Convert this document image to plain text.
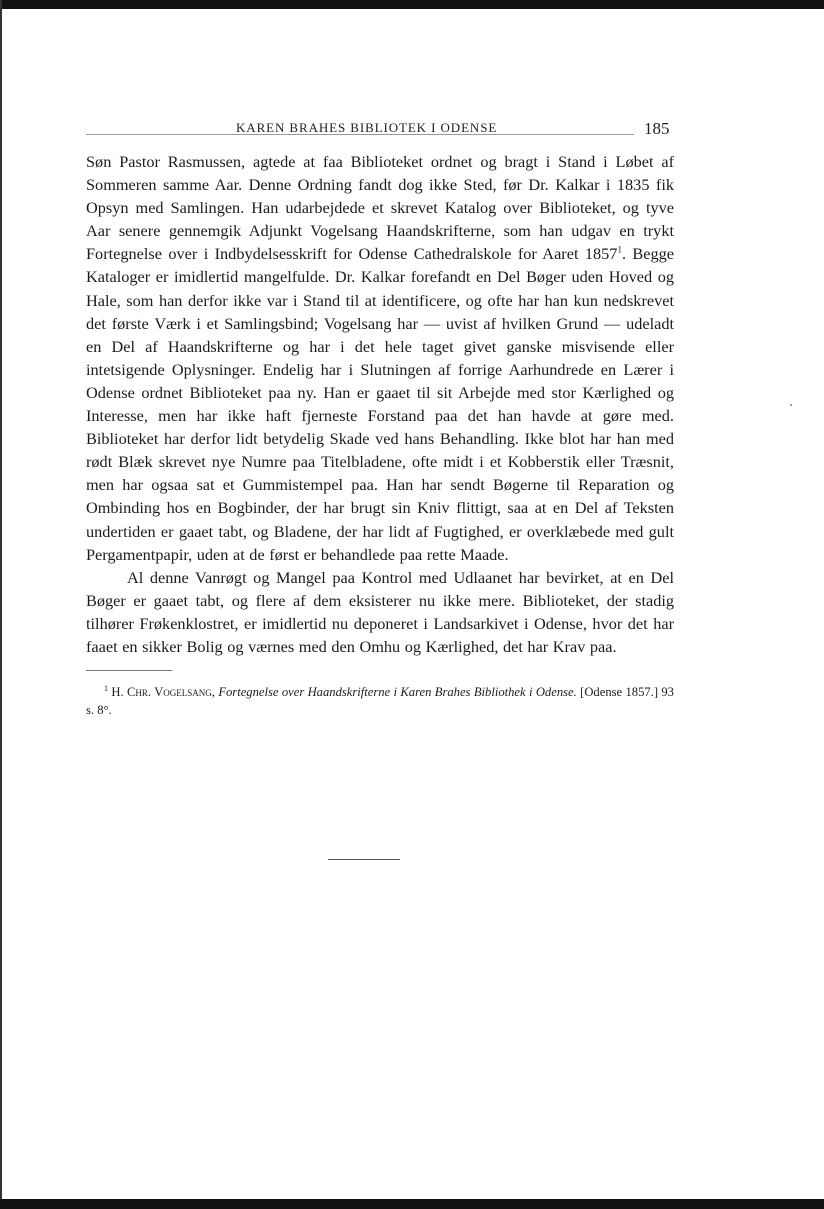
KAREN BRAHES BIBLIOTEK I ODENSE	185

Søn Pastor Rasmussen, agtede at faa Biblioteket ordnet og bragt i Stand i Løbet af Sommeren samme Aar. Denne Ordning fandt dog ikke Sted, før Dr. Kalkar i 1835 fik Opsyn med Samlingen. Han udarbejdede et skrevet Katalog over Biblioteket, og tyve Aar senere gennemgik Adjunkt Vogelsang Haandskrifterne, som han udgav en trykt Fortegnelse over i Indbydelsesskrift for Odense Cathedralskole for Aaret 1857$^1$. Begge Kataloger er imidlertid mangelfulde. Dr. Kalkar forefandt en Del Bøger uden Hoved og Hale, som han derfor ikke var i Stand til at identificere, og ofte har han kun nedskrevet det første Værk i et Samlingsbind; Vogelsang har — uvist af hvilken Grund — udeladt en Del af Haandskrifterne og har i det hele taget givet ganske misvisende eller intetsigende Oplysninger. Endelig har i Slutningen af forrige Aarhundrede en Lærer i Odense ordnet Biblioteket paa ny. Han er gaaet til sit Arbejde med stor Kærlighed og Interesse, men har ikke haft fjerneste Forstand paa det han havde at gøre med. Biblioteket har derfor lidt betydelig Skade ved hans Behandling. Ikke blot har han med rødt Blæk skrevet nye Numre paa Titelbladene, ofte midt i et Kobberstik eller Træsnit, men har ogsaa sat et Gummistempel paa. Han har sendt Bøgerne til Reparation og Ombinding hos en Bogbinder, der har brugt sin Kniv flittigt, saa at en Del af Teksten undertiden er gaaet tabt, og Bladene, der har lidt af Fugtighed, er overklæbede med gult Pergamentpapir, uden at de først er behandlede paa rette Maade.

Al denne Vanrøgt og Mangel paa Kontrol med Udlaanet har bevirket, at en Del Bøger er gaaet tabt, og flere af dem eksisterer nu ikke mere. Biblioteket, der stadig tilhører Frøkenklostret, er imidlertid nu deponeret i Landsarkivet i Odense, hvor det har faaet en sikker Bolig og værnes med den Omhu og Kærlighed, det har Krav paa.

$^1$ H. Chr. Vogelsang, Fortegnelse over Haandskrifterne i Karen Brahes Bibliothek i Odense. [Odense 1857.] 93 s. 8°.
